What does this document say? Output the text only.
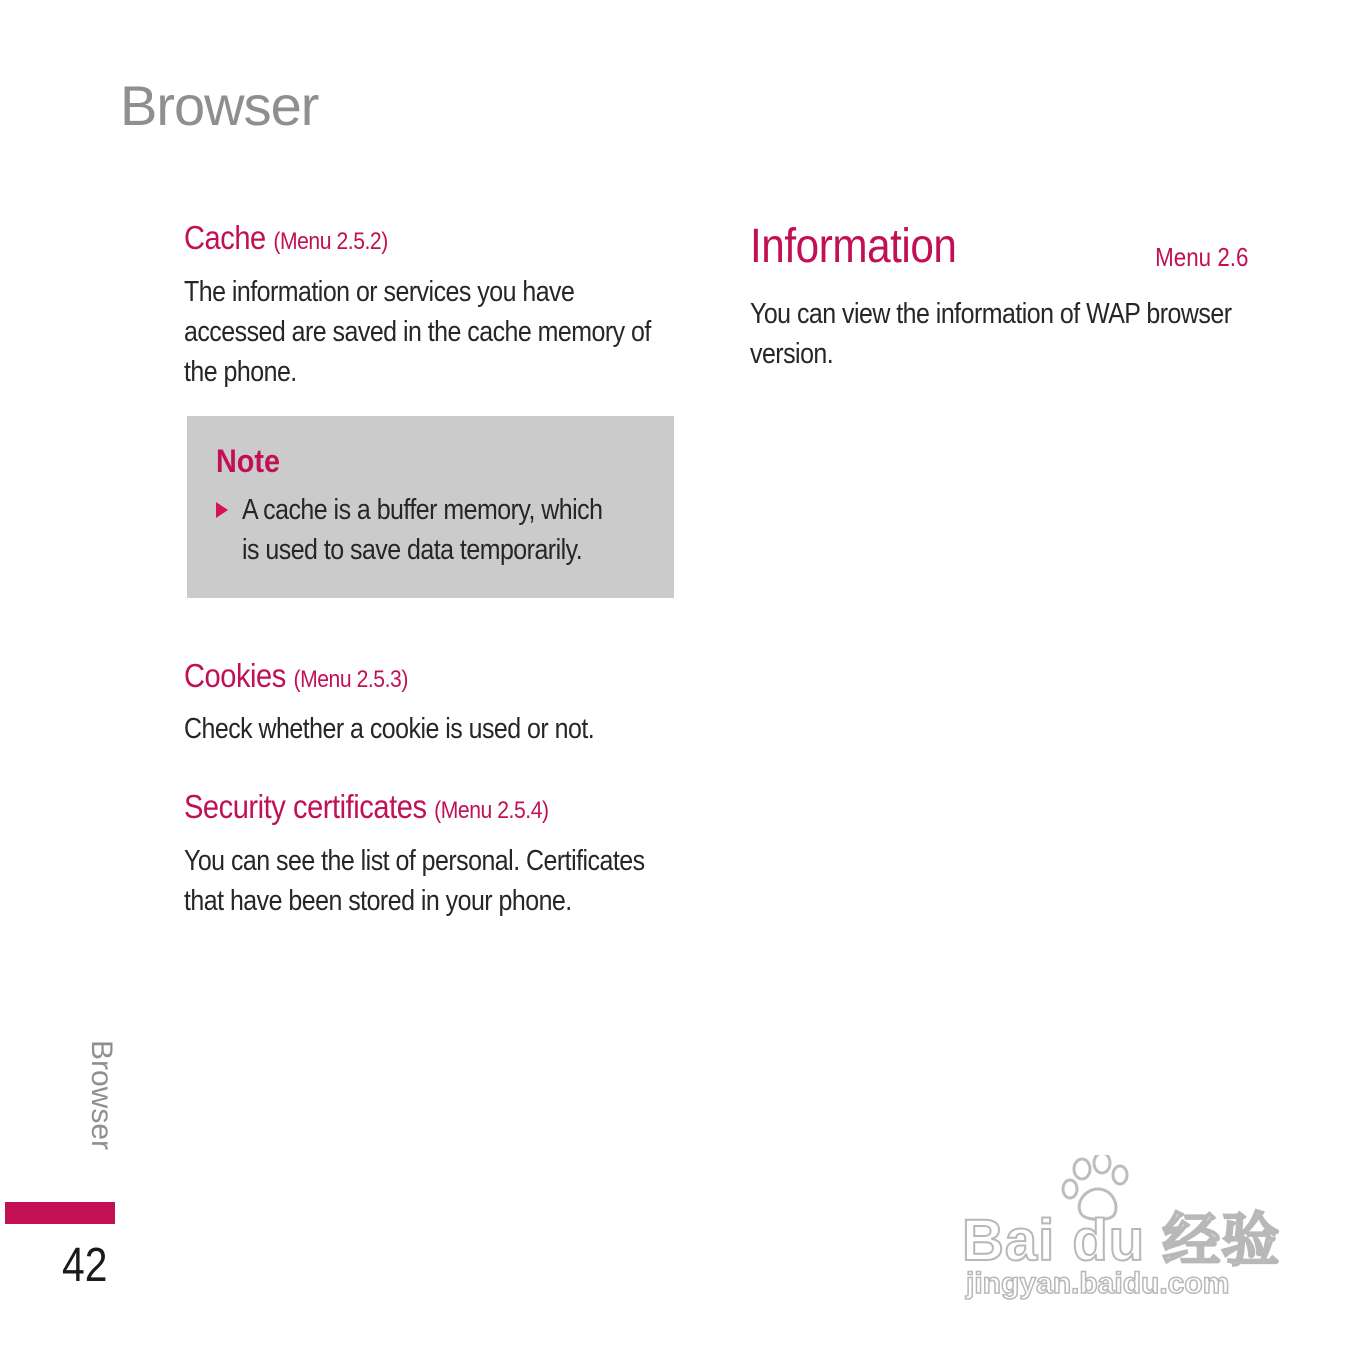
Browser
Cache (Menu 2.5.2)

The information or services you have accessed are saved in the cache memory of the phone.

Note
A cache is a buffer memory, which is used to save data temporarily.
Cookies (Menu 2.5.3)

Check whether a cookie is used or not.

Security certificates (Menu 2.5.4)

You can see the list of personal. Certificates that have been stored in your phone.

Information	Menu 2.6

You can view the information of WAP browser version.

Browser
42	Bai du 经验
jingyan.baidu.com
